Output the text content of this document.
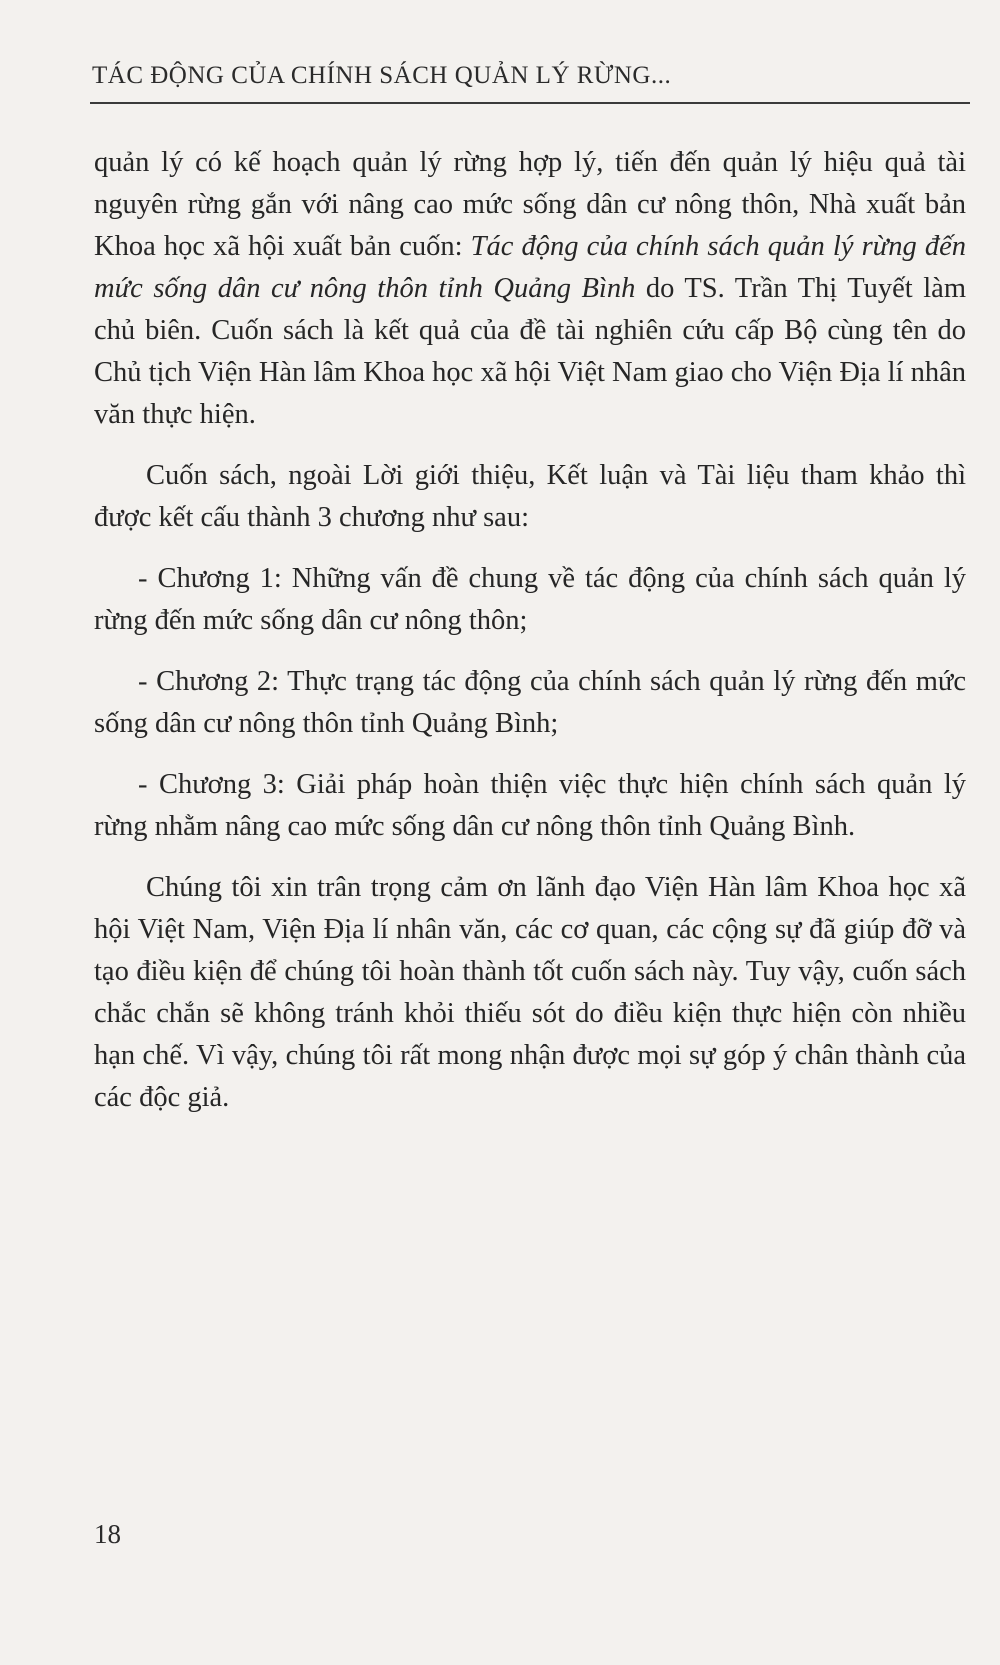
TÁC ĐỘNG CỦA CHÍNH SÁCH QUẢN LÝ RỪNG...

quản lý có kế hoạch quản lý rừng hợp lý, tiến đến quản lý hiệu quả tài nguyên rừng gắn với nâng cao mức sống dân cư nông thôn, Nhà xuất bản Khoa học xã hội xuất bản cuốn: Tác động của chính sách quản lý rừng đến mức sống dân cư nông thôn tỉnh Quảng Bình do TS. Trần Thị Tuyết làm chủ biên. Cuốn sách là kết quả của đề tài nghiên cứu cấp Bộ cùng tên do Chủ tịch Viện Hàn lâm Khoa học xã hội Việt Nam giao cho Viện Địa lí nhân văn thực hiện.

Cuốn sách, ngoài Lời giới thiệu, Kết luận và Tài liệu tham khảo thì được kết cấu thành 3 chương như sau:

- Chương 1: Những vấn đề chung về tác động của chính sách quản lý rừng đến mức sống dân cư nông thôn;

- Chương 2: Thực trạng tác động của chính sách quản lý rừng đến mức sống dân cư nông thôn tỉnh Quảng Bình;

- Chương 3: Giải pháp hoàn thiện việc thực hiện chính sách quản lý rừng nhằm nâng cao mức sống dân cư nông thôn tỉnh Quảng Bình.

Chúng tôi xin trân trọng cảm ơn lãnh đạo Viện Hàn lâm Khoa học xã hội Việt Nam, Viện Địa lí nhân văn, các cơ quan, các cộng sự đã giúp đỡ và tạo điều kiện để chúng tôi hoàn thành tốt cuốn sách này. Tuy vậy, cuốn sách chắc chắn sẽ không tránh khỏi thiếu sót do điều kiện thực hiện còn nhiều hạn chế. Vì vậy, chúng tôi rất mong nhận được mọi sự góp ý chân thành của các độc giả.

18
